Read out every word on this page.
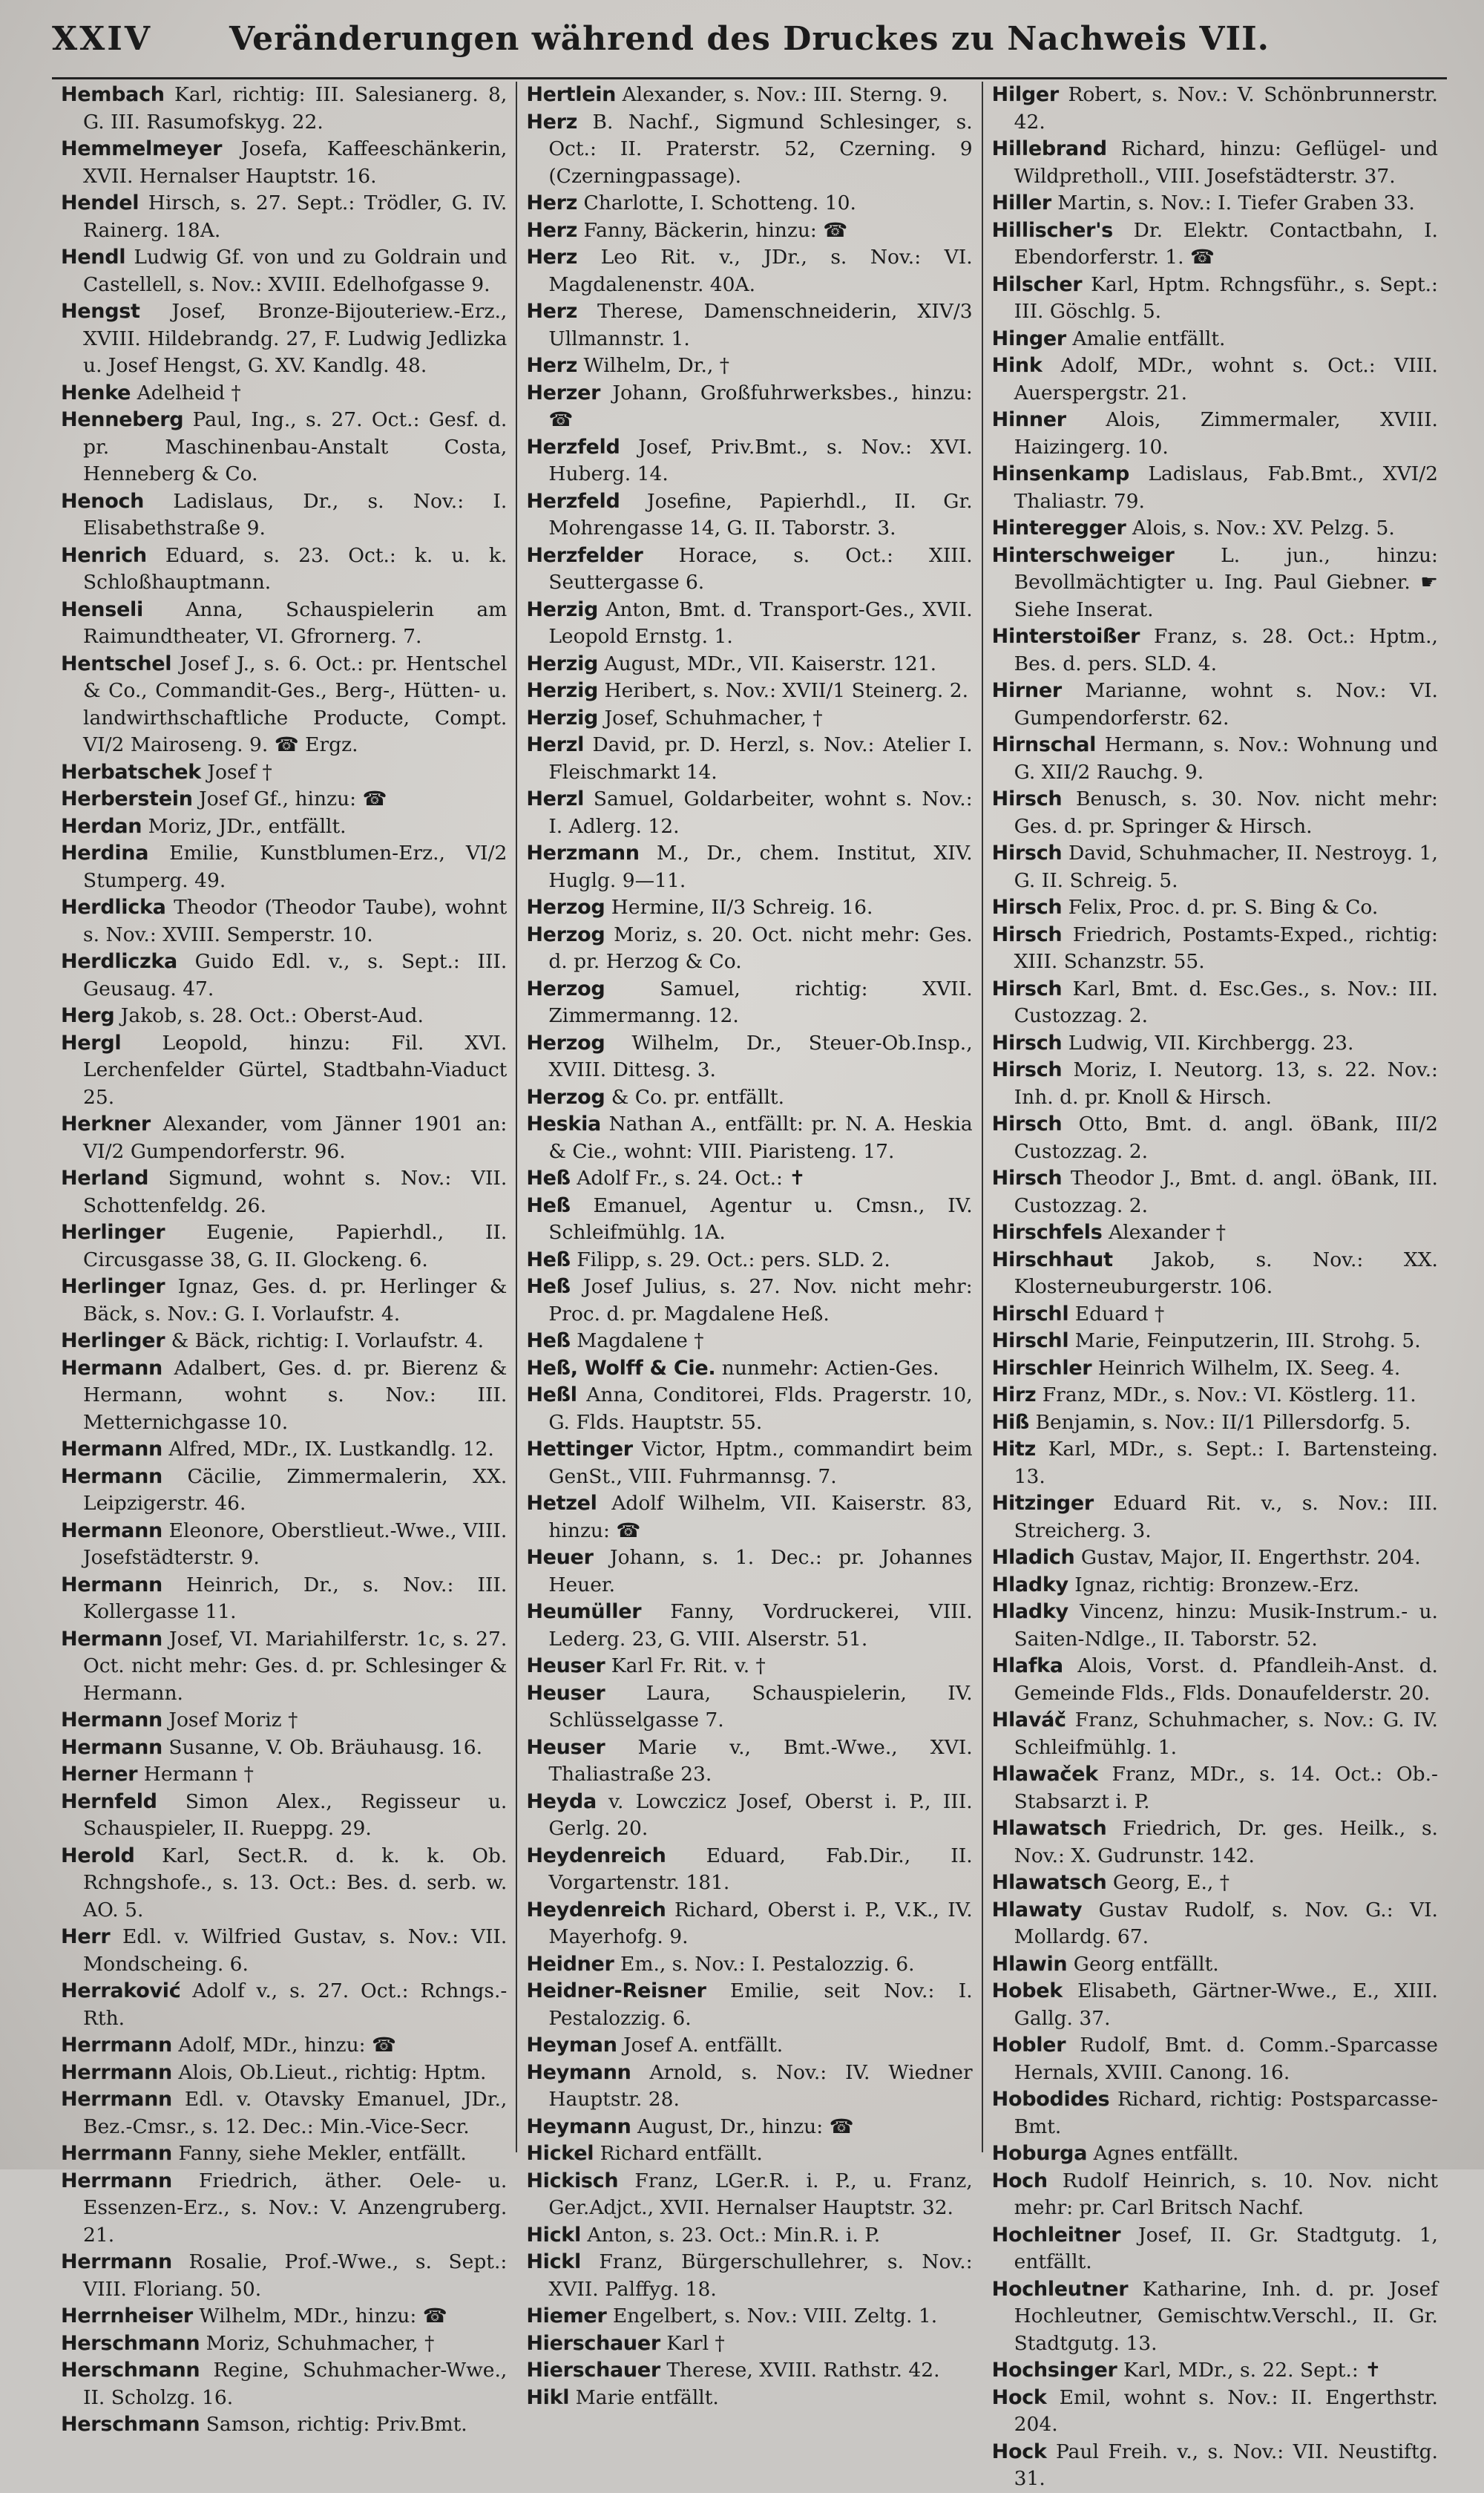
XXIV	Veränderungen während des Druckes zu Nachweis VII.

Hembach Karl, richtig: III. Salesianerg. 8, G. III. Rasumofskyg. 22.

Hemmelmeyer Josefa, Kaffeeschänkerin, XVII. Hernalser Hauptstr. 16.

Hendel Hirsch, s. 27. Sept.: Trödler, G. IV. Rainerg. 18A.

Hendl Ludwig Gf. von und zu Goldrain und Castellell, s. Nov.: XVIII. Edelhofgasse 9.

Hengst Josef, Bronze-Bijouteriew.-Erz., XVIII. Hildebrandg. 27, F. Ludwig Jedlizka u. Josef Hengst, G. XV. Kandlg. 48.

Henke Adelheid †

Henneberg Paul, Ing., s. 27. Oct.: Gesf. d. pr. Maschinenbau-Anstalt Costa, Henneberg & Co.

Henoch Ladislaus, Dr., s. Nov.: I. Elisabethstraße 9.

Henrich Eduard, s. 23. Oct.: k. u. k. Schloßhauptmann.

Henseli Anna, Schauspielerin am Raimundtheater, VI. Gfrornerg. 7.

Hentschel Josef J., s. 6. Oct.: pr. Hentschel & Co., Commandit-Ges., Berg-, Hütten- u. landwirthschaftliche Producte, Compt. VI/2 Mairoseng. 9. ☎ Ergz.

Herbatschek Josef †

Herberstein Josef Gf., hinzu: ☎

Herdan Moriz, JDr., entfällt.

Herdina Emilie, Kunstblumen-Erz., VI/2 Stumperg. 49.

Herdlicka Theodor (Theodor Taube), wohnt s. Nov.: XVIII. Semperstr. 10.

Herdliczka Guido Edl. v., s. Sept.: III. Geusaug. 47.

Herg Jakob, s. 28. Oct.: Oberst-Aud.

Hergl Leopold, hinzu: Fil. XVI. Lerchenfelder Gürtel, Stadtbahn-Viaduct 25.

Herkner Alexander, vom Jänner 1901 an: VI/2 Gumpendorferstr. 96.

Herland Sigmund, wohnt s. Nov.: VII. Schottenfeldg. 26.

Herlinger Eugenie, Papierhdl., II. Circusgasse 38, G. II. Glockeng. 6.

Herlinger Ignaz, Ges. d. pr. Herlinger & Bäck, s. Nov.: G. I. Vorlaufstr. 4.

Herlinger & Bäck, richtig: I. Vorlaufstr. 4.

Hermann Adalbert, Ges. d. pr. Bierenz & Hermann, wohnt s. Nov.: III. Metternichgasse 10.

Hermann Alfred, MDr., IX. Lustkandlg. 12.

Hermann Cäcilie, Zimmermalerin, XX. Leipzigerstr. 46.

Hermann Eleonore, Oberstlieut.-Wwe., VIII. Josefstädterstr. 9.

Hermann Heinrich, Dr., s. Nov.: III. Kollergasse 11.

Hermann Josef, VI. Mariahilferstr. 1c, s. 27. Oct. nicht mehr: Ges. d. pr. Schlesinger & Hermann.

Hermann Josef Moriz †

Hermann Susanne, V. Ob. Bräuhausg. 16.

Herner Hermann †

Hernfeld Simon Alex., Regisseur u. Schauspieler, II. Rueppg. 29.

Herold Karl, Sect.R. d. k. k. Ob. Rchngshofe., s. 13. Oct.: Bes. d. serb. w. AO. 5.

Herr Edl. v. Wilfried Gustav, s. Nov.: VII. Mondscheing. 6.

Herraković Adolf v., s. 27. Oct.: Rchngs.-Rth.

Herrmann Adolf, MDr., hinzu: ☎

Herrmann Alois, Ob.Lieut., richtig: Hptm.

Herrmann Edl. v. Otavsky Emanuel, JDr., Bez.-Cmsr., s. 12. Dec.: Min.-Vice-Secr.

Herrmann Fanny, siehe Mekler, entfällt.

Herrmann Friedrich, äther. Oele- u. Essenzen-Erz., s. Nov.: V. Anzengruberg. 21.

Herrmann Rosalie, Prof.-Wwe., s. Sept.: VIII. Floriang. 50.

Herrnheiser Wilhelm, MDr., hinzu: ☎

Herschmann Moriz, Schuhmacher, †

Herschmann Regine, Schuhmacher-Wwe., II. Scholzg. 16.

Herschmann Samson, richtig: Priv.Bmt.

Hertlein Alexander, s. Nov.: III. Sterng. 9.

Herz B. Nachf., Sigmund Schlesinger, s. Oct.: II. Praterstr. 52, Czerning. 9 (Czerningpassage).

Herz Charlotte, I. Schotteng. 10.

Herz Fanny, Bäckerin, hinzu: ☎

Herz Leo Rit. v., JDr., s. Nov.: VI. Magdalenenstr. 40A.

Herz Therese, Damenschneiderin, XIV/3 Ullmannstr. 1.

Herz Wilhelm, Dr., †

Herzer Johann, Großfuhrwerksbes., hinzu: ☎

Herzfeld Josef, Priv.Bmt., s. Nov.: XVI. Huberg. 14.

Herzfeld Josefine, Papierhdl., II. Gr. Mohrengasse 14, G. II. Taborstr. 3.

Herzfelder Horace, s. Oct.: XIII. Seuttergasse 6.

Herzig Anton, Bmt. d. Transport-Ges., XVII. Leopold Ernstg. 1.

Herzig August, MDr., VII. Kaiserstr. 121.

Herzig Heribert, s. Nov.: XVII/1 Steinerg. 2.

Herzig Josef, Schuhmacher, †

Herzl David, pr. D. Herzl, s. Nov.: Atelier I. Fleischmarkt 14.

Herzl Samuel, Goldarbeiter, wohnt s. Nov.: I. Adlerg. 12.

Herzmann M., Dr., chem. Institut, XIV. Huglg. 9—11.

Herzog Hermine, II/3 Schreig. 16.

Herzog Moriz, s. 20. Oct. nicht mehr: Ges. d. pr. Herzog & Co.

Herzog	Samuel, richtig: XVII. Zimmermanng. 12.

Herzog Wilhelm, Dr., Steuer-Ob.Insp., XVIII. Dittesg. 3.

Herzog & Co. pr. entfällt.

Heskia Nathan A., entfällt: pr. N. A. Heskia & Cie., wohnt: VIII. Piaristeng. 17.

Heß Adolf Fr., s. 24. Oct.: ✝

Heß Emanuel, Agentur u. Cmsn., IV. Schleifmühlg. 1A.

Heß Filipp, s. 29. Oct.: pers. SLD. 2.

Heß Josef Julius, s. 27. Nov. nicht mehr: Proc. d. pr. Magdalene Heß.

Heß Magdalene †

Heß, Wolff & Cie. nunmehr: Actien-Ges.

Heßl Anna, Conditorei, Flds. Pragerstr. 10, G. Flds. Hauptstr. 55.

Hettinger Victor, Hptm., commandirt beim GenSt., VIII. Fuhrmannsg. 7.

Hetzel Adolf Wilhelm, VII. Kaiserstr. 83, hinzu: ☎

Heuer Johann, s. 1. Dec.: pr. Johannes Heuer.

Heumüller Fanny, Vordruckerei, VIII. Lederg. 23, G. VIII. Alserstr. 51.

Heuser Karl Fr. Rit. v. †

Heuser Laura, Schauspielerin, IV. Schlüsselgasse 7.

Heuser Marie v., Bmt.-Wwe., XVI. Thaliastraße 23.

Heyda v. Lowczicz Josef, Oberst i. P., III. Gerlg. 20.

Heydenreich Eduard, Fab.Dir., II. Vorgartenstr. 181.

Heydenreich Richard, Oberst i. P., V.K., IV. Mayerhofg. 9.

Heidner Em., s. Nov.: I. Pestalozzig. 6.

Heidner-Reisner Emilie, seit Nov.: I. Pestalozzig. 6.

Heyman Josef A. entfällt.

Heymann Arnold, s. Nov.: IV. Wiedner Hauptstr. 28.

Heymann August, Dr., hinzu: ☎

Hickel Richard entfällt.

Hickisch Franz, LGer.R. i. P., u. Franz, Ger.Adjct., XVII. Hernalser Hauptstr. 32.

Hickl Anton, s. 23. Oct.: Min.R. i. P.

Hickl Franz, Bürgerschullehrer, s. Nov.: XVII. Palffyg. 18.

Hiemer Engelbert, s. Nov.: VIII. Zeltg. 1.

Hierschauer Karl †

Hierschauer Therese, XVIII. Rathstr. 42.

Hikl Marie entfällt.

Hilger Robert, s. Nov.: V. Schönbrunnerstr. 42.

Hillebrand Richard, hinzu: Geflügel- und Wildpretholl., VIII. Josefstädterstr. 37.

Hiller Martin, s. Nov.: I. Tiefer Graben 33.

Hillischer's Dr. Elektr. Contactbahn, I. Ebendorferstr. 1. ☎

Hilscher Karl, Hptm. Rchngsführ., s. Sept.: III. Göschlg. 5.

Hinger Amalie entfällt.

Hink Adolf, MDr., wohnt s. Oct.: VIII. Auerspergstr. 21.

Hinner Alois, Zimmermaler, XVIII. Haizingerg. 10.

Hinsenkamp Ladislaus, Fab.Bmt., XVI/2 Thaliastr. 79.

Hinteregger Alois, s. Nov.: XV. Pelzg. 5.

Hinterschweiger L. jun., hinzu: Bevollmächtigter u. Ing. Paul Giebner. ☛ Siehe Inserat.

Hinterstoißer Franz, s. 28. Oct.: Hptm., Bes. d. pers. SLD. 4.

Hirner Marianne, wohnt s. Nov.: VI. Gumpendorferstr. 62.

Hirnschal Hermann, s. Nov.: Wohnung und G. XII/2 Rauchg. 9.

Hirsch Benusch, s. 30. Nov. nicht mehr: Ges. d. pr. Springer & Hirsch.

Hirsch David, Schuhmacher, II. Nestroyg. 1, G. II. Schreig. 5.

Hirsch Felix, Proc. d. pr. S. Bing & Co.

Hirsch Friedrich, Postamts-Exped., richtig: XIII. Schanzstr. 55.

Hirsch Karl, Bmt. d. Esc.Ges., s. Nov.: III. Custozzag. 2.

Hirsch Ludwig, VII. Kirchbergg. 23.

Hirsch Moriz, I. Neutorg. 13, s. 22. Nov.: Inh. d. pr. Knoll & Hirsch.

Hirsch Otto, Bmt. d. angl. öBank, III/2 Custozzag. 2.

Hirsch Theodor J., Bmt. d. angl. öBank, III. Custozzag. 2.

Hirschfels Alexander †

Hirschhaut Jakob, s. Nov.: XX. Klosterneuburgerstr. 106.

Hirschl Eduard †

Hirschl Marie, Feinputzerin, III. Strohg. 5.

Hirschler Heinrich Wilhelm, IX. Seeg. 4.

Hirz Franz, MDr., s. Nov.: VI. Köstlerg. 11.

Hiß Benjamin, s. Nov.: II/1 Pillersdorfg. 5.

Hitz Karl, MDr., s. Sept.: I. Bartensteing. 13.

Hitzinger Eduard Rit. v., s. Nov.: III. Streicherg. 3.

Hladich Gustav, Major, II. Engerthstr. 204.

Hladky Ignaz, richtig: Bronzew.-Erz.

Hladky Vincenz, hinzu: Musik-Instrum.- u. Saiten-Ndlge., II. Taborstr. 52.

Hlafka Alois, Vorst. d. Pfandleih-Anst. d. Gemeinde Flds., Flds. Donaufelderstr. 20.

Hlaváč Franz, Schuhmacher, s. Nov.: G. IV. Schleifmühlg. 1.

Hlawaček Franz, MDr., s. 14. Oct.: Ob.-Stabsarzt i. P.

Hlawatsch Friedrich, Dr. ges. Heilk., s. Nov.: X. Gudrunstr. 142.

Hlawatsch Georg, E., †

Hlawaty Gustav Rudolf, s. Nov. G.: VI. Mollardg. 67.

Hlawin Georg entfällt.

Hobek Elisabeth, Gärtner-Wwe., E., XIII. Gallg. 37.

Hobler Rudolf, Bmt. d. Comm.-Sparcasse Hernals, XVIII. Canong. 16.

Hobodides Richard, richtig: Postsparcasse-Bmt.

Hoburga Agnes entfällt.

Hoch Rudolf Heinrich, s. 10. Nov. nicht mehr: pr. Carl Britsch Nachf.

Hochleitner Josef, II. Gr. Stadtgutg. 1, entfällt.

Hochleutner Katharine, Inh. d. pr. Josef Hochleutner, Gemischtw.Verschl., II. Gr. Stadtgutg. 13.

Hochsinger Karl, MDr., s. 22. Sept.: ✝

Hock Emil, wohnt s. Nov.: II. Engerthstr. 204.

Hock Paul Freih. v., s. Nov.: VII. Neustiftg. 31.
